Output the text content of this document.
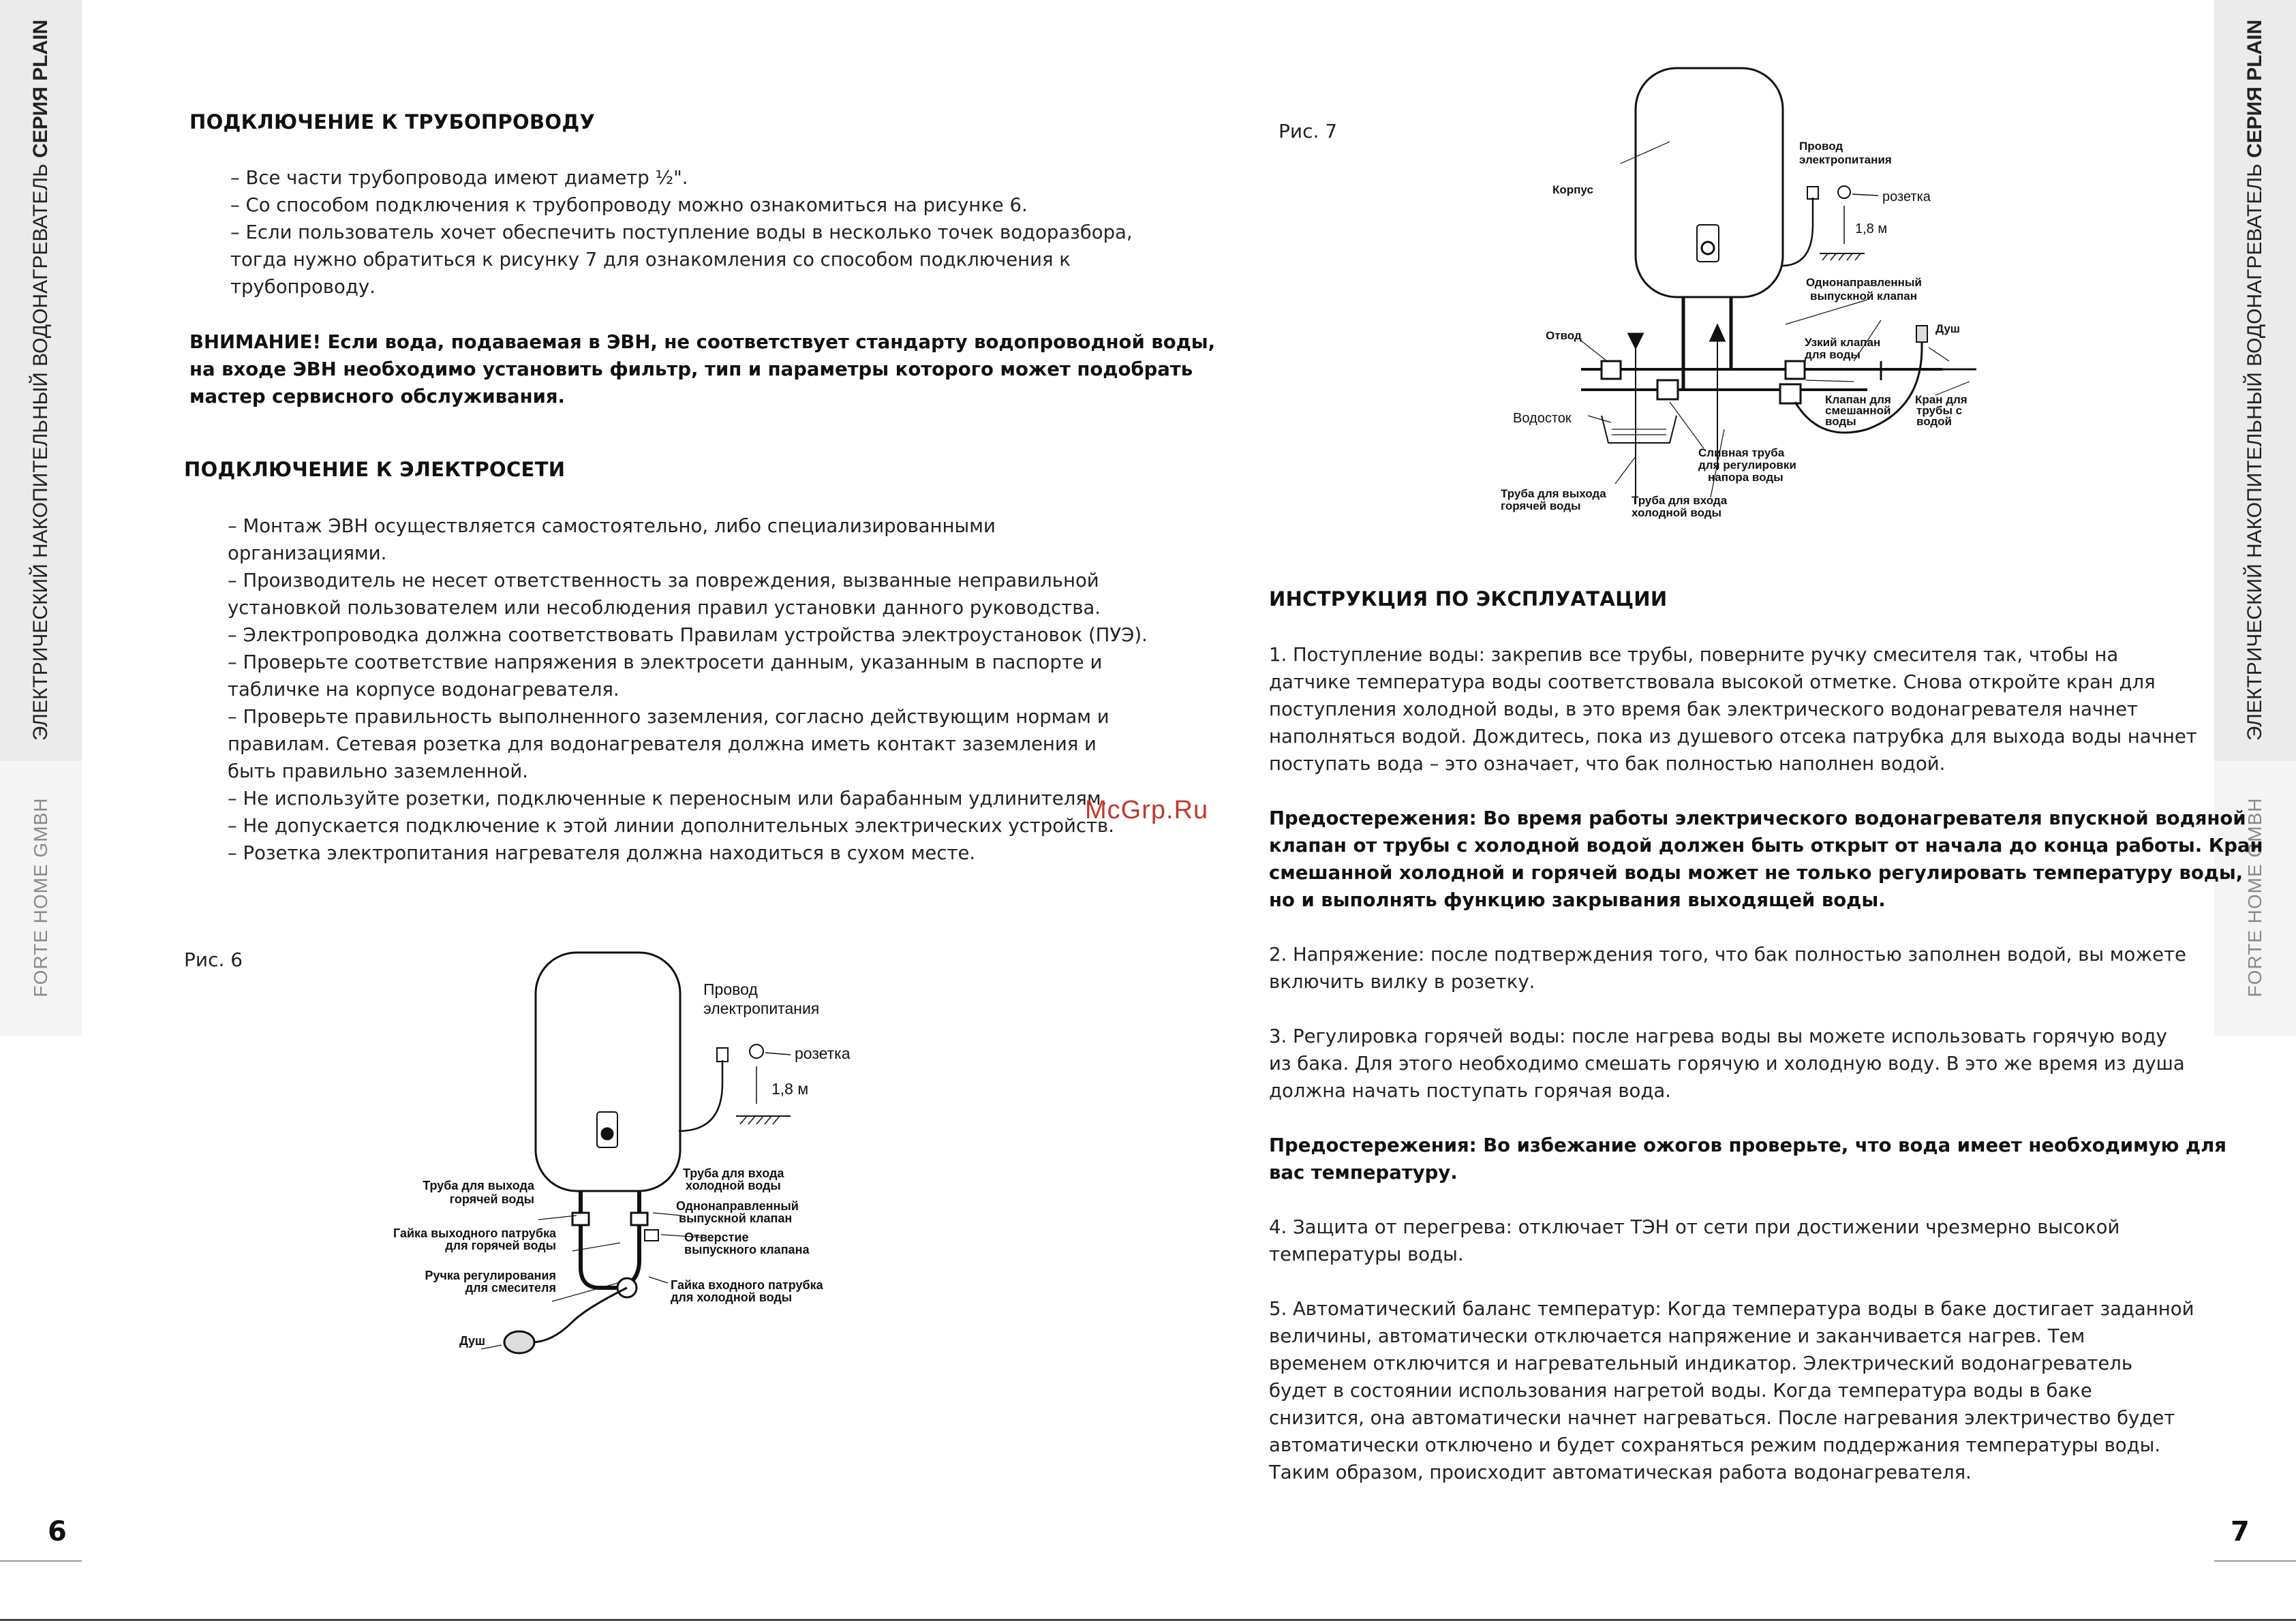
ЭЛЕКТРИЧЕСКИЙ НАКОПИТЕЛЬНЫЙ ВОДОНАГРЕВАТЕЛЬ СЕРИЯ PLAIN
FORTE HOME GMBH
6
ЭЛЕКТРИЧЕСКИЙ НАКОПИТЕЛЬНЫЙ ВОДОНАГРЕВАТЕЛЬ СЕРИЯ PLAIN
FORTE HOME GMBH
7
ПОДКЛЮЧЕНИЕ К ТРУБОПРОВОДУ

– Все части трубопровода имеют диаметр ½".

– Со способом подключения к трубопроводу можно ознакомиться на рисунке 6.

– Если пользователь хочет обеспечить поступление воды в несколько точек водоразбора,

тогда нужно обратиться к рисунку 7 для ознакомления со способом подключения к

трубопроводу.

ВНИМАНИЕ! Если вода, подаваемая в ЭВН, не соответствует стандарту водопроводной воды,

на входе ЭВН необходимо установить фильтр, тип и параметры которого может подобрать

мастер сервисного обслуживания.

ПОДКЛЮЧЕНИЕ К ЭЛЕКТРОСЕТИ

– Монтаж ЭВН осуществляется самостоятельно, либо специализированными

организациями.

– Производитель не несет ответственность за повреждения, вызванные неправильной

установкой пользователем или несоблюдения правил установки данного руководства.

– Электропроводка должна соответствовать Правилам устройства электроустановок (ПУЭ).

– Проверьте соответствие напряжения в электросети данным, указанным в паспорте и

табличке на корпусе водонагревателя.

– Проверьте правильность выполненного заземления, согласно действующим нормам и

правилам. Сетевая розетка для водонагревателя должна иметь контакт заземления и

быть правильно заземленной.

– Не используйте розетки, подключенные к переносным или барабанным удлинителям.

– Не допускается подключение к этой линии дополнительных электрических устройств.

– Розетка электропитания нагревателя должна находиться в сухом месте.

McGrp.Ru
Рис. 6
Провод
электропитания
розетка
1,8 м
Труба для выхода
горячей воды
Труба для входа
холодной воды
Однонаправленный
выпускной клапан
Гайка выходного патрубка
для горячей воды
Отверстие
выпускного клапана
Ручка регулирования
для смесителя	Гайка входного патрубка
для холодной воды
Душ
Рис. 7
розетка
1,8 м
Водосток
Корпус
Провод
электропитания
Однонаправленный
выпускной клапан
Отвод
Душ
Узкий клапан
для воды
Клапан для
смешанной
воды
Кран для
трубы с
водой
Сливная труба
для регулировки
напора воды
Труба для выхода
горячей воды	Труба для входа
холодной воды
ИНСТРУКЦИЯ ПО ЭКСПЛУАТАЦИИ

1. Поступление воды: закрепив все трубы, поверните ручку смесителя так, чтобы на

датчике температура воды соответствовала высокой отметке. Снова откройте кран для

поступления холодной воды, в это время бак электрического водонагревателя начнет

наполняться водой. Дождитесь, пока из душевого отсека патрубка для выхода воды начнет

поступать вода – это означает, что бак полностью наполнен водой.

Предостережения: Во время работы электрического водонагревателя впускной водяной

клапан от трубы с холодной водой должен быть открыт от начала до конца работы. Кран

смешанной холодной и горячей воды может не только регулировать температуру воды,

но и выполнять функцию закрывания выходящей воды.

2. Напряжение: после подтверждения того, что бак полностью заполнен водой, вы можете

включить вилку в розетку.

3. Регулировка горячей воды: после нагрева воды вы можете использовать горячую воду

из бака. Для этого необходимо смешать горячую и холодную воду. В это же время из душа

должна начать поступать горячая вода.

Предостережения: Во избежание ожогов проверьте, что вода имеет необходимую для

вас температуру.

4. Защита от перегрева: отключает ТЭН от сети при достижении чрезмерно высокой

температуры воды.

5. Автоматический баланс температур: Когда температура воды в баке достигает заданной

величины, автоматически отключается напряжение и заканчивается нагрев. Тем

временем отключится и нагревательный индикатор. Электрический водонагреватель

будет в состоянии использования нагретой воды. Когда температура воды в баке

снизится, она автоматически начнет нагреваться. После нагревания электричество будет

автоматически отключено и будет сохраняться режим поддержания температуры воды.

Таким образом, происходит автоматическая работа водонагревателя.
